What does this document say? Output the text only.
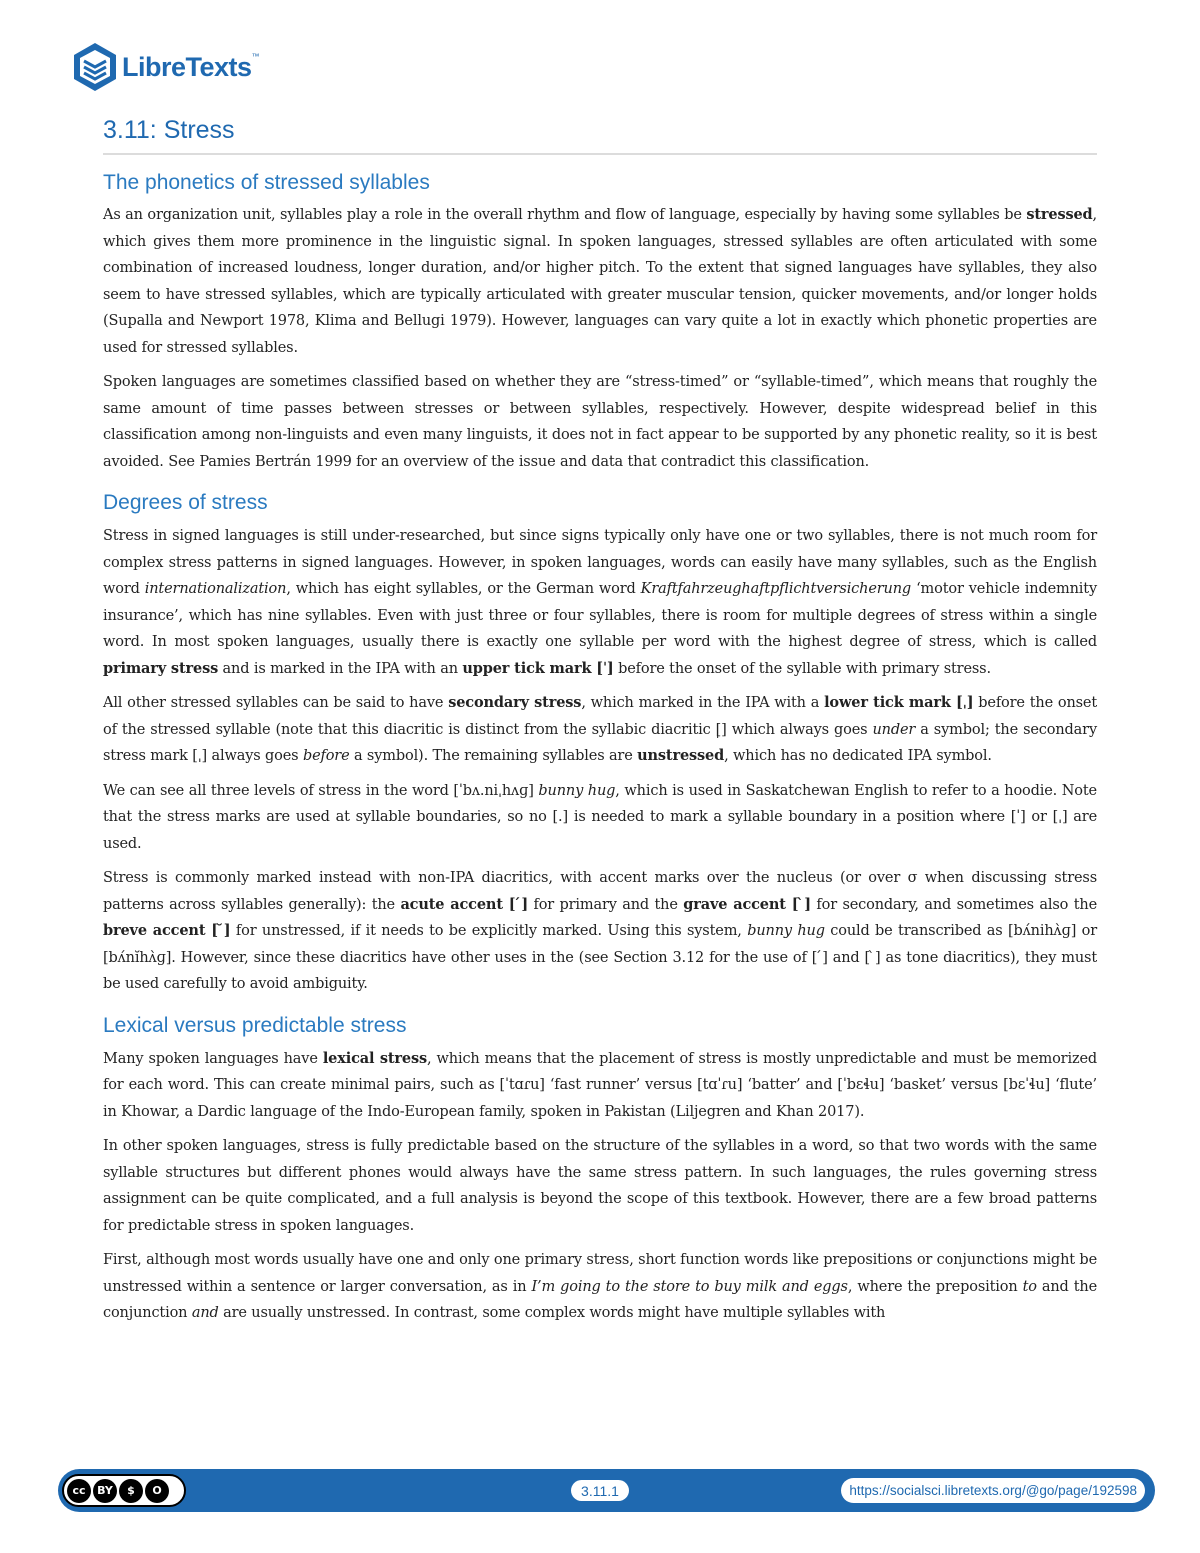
LibreTexts ™
3.11: Stress
The phonetics of stressed syllables

As an organization unit, syllables play a role in the overall rhythm and flow of language, especially by having some syllables be stressed, which gives them more prominence in the linguistic signal. In spoken languages, stressed syllables are often articulated with some combination of increased loudness, longer duration, and/or higher pitch. To the extent that signed languages have syllables, they also seem to have stressed syllables, which are typically articulated with greater muscular tension, quicker movements, and/or longer holds (Supalla and Newport 1978, Klima and Bellugi 1979). However, languages can vary quite a lot in exactly which phonetic properties are used for stressed syllables.

Spoken languages are sometimes classified based on whether they are “stress-timed” or “syllable-timed”, which means that roughly the same amount of time passes between stresses or between syllables, respectively. However, despite widespread belief in this classification among non-linguists and even many linguists, it does not in fact appear to be supported by any phonetic reality, so it is best avoided. See Pamies Bertrán 1999 for an overview of the issue and data that contradict this classification.

Degrees of stress

Stress in signed languages is still under-researched, but since signs typically only have one or two syllables, there is not much room for complex stress patterns in signed languages. However, in spoken languages, words can easily have many syllables, such as the English word internationalization, which has eight syllables, or the German word Kraftfahrzeughaftpflichtversicherung ‘motor vehicle indemnity insurance’, which has nine syllables. Even with just three or four syllables, there is room for multiple degrees of stress within a single word. In most spoken languages, usually there is exactly one syllable per word with the highest degree of stress, which is called primary stress and is marked in the IPA with an upper tick mark [ˈ] before the onset of the syllable with primary stress.

All other stressed syllables can be said to have secondary stress, which marked in the IPA with a lower tick mark [ˌ] before the onset of the stressed syllable (note that this diacritic is distinct from the syllabic diacritic [̩] which always goes under a symbol; the secondary stress mark [ˌ] always goes before a symbol). The remaining syllables are unstressed, which has no dedicated IPA symbol.

We can see all three levels of stress in the word [ˈbʌ.niˌhʌɡ] bunny hug, which is used in Saskatchewan English to refer to a hoodie. Note that the stress marks are used at syllable boundaries, so no [.] is needed to mark a syllable boundary in a position where [ˈ] or [ˌ] are used.

Stress is commonly marked instead with non-IPA diacritics, with accent marks over the nucleus (or over σ when discussing stress patterns across syllables generally): the acute accent [ ́] for primary and the grave accent [ ̀] for secondary, and sometimes also the breve accent [ ̆] for unstressed, if it needs to be explicitly marked. Using this system, bunny hug could be transcribed as [bʌ́nihʌ̀ɡ] or [bʌ́nĭhʌ̀ɡ]. However, since these diacritics have other uses in the (see Section 3.12 for the use of [ ́] and [ ̀] as tone diacritics), they must be used carefully to avoid ambiguity.

Lexical versus predictable stress

Many spoken languages have lexical stress, which means that the placement of stress is mostly unpredictable and must be memorized for each word. This can create minimal pairs, such as [ˈtɑɾu] ‘fast runner’ versus [tɑˈɾu] ‘batter’ and [ˈbɛɬu] ‘basket’ versus [bɛˈɬu] ‘flute’ in Khowar, a Dardic language of the Indo-European family, spoken in Pakistan (Liljegren and Khan 2017).

In other spoken languages, stress is fully predictable based on the structure of the syllables in a word, so that two words with the same syllable structures but different phones would always have the same stress pattern. In such languages, the rules governing stress assignment can be quite complicated, and a full analysis is beyond the scope of this textbook. However, there are a few broad patterns for predictable stress in spoken languages.

First, although most words usually have one and only one primary stress, short function words like prepositions or conjunctions might be unstressed within a sentence or larger conversation, as in I’m going to the store to buy milk and eggs, where the preposition to and the conjunction and are usually unstressed. In contrast, some complex words might have multiple syllables with

cc	BY	$	O	3.11.1	https://socialsci.libretexts.org/@go/page/192598
